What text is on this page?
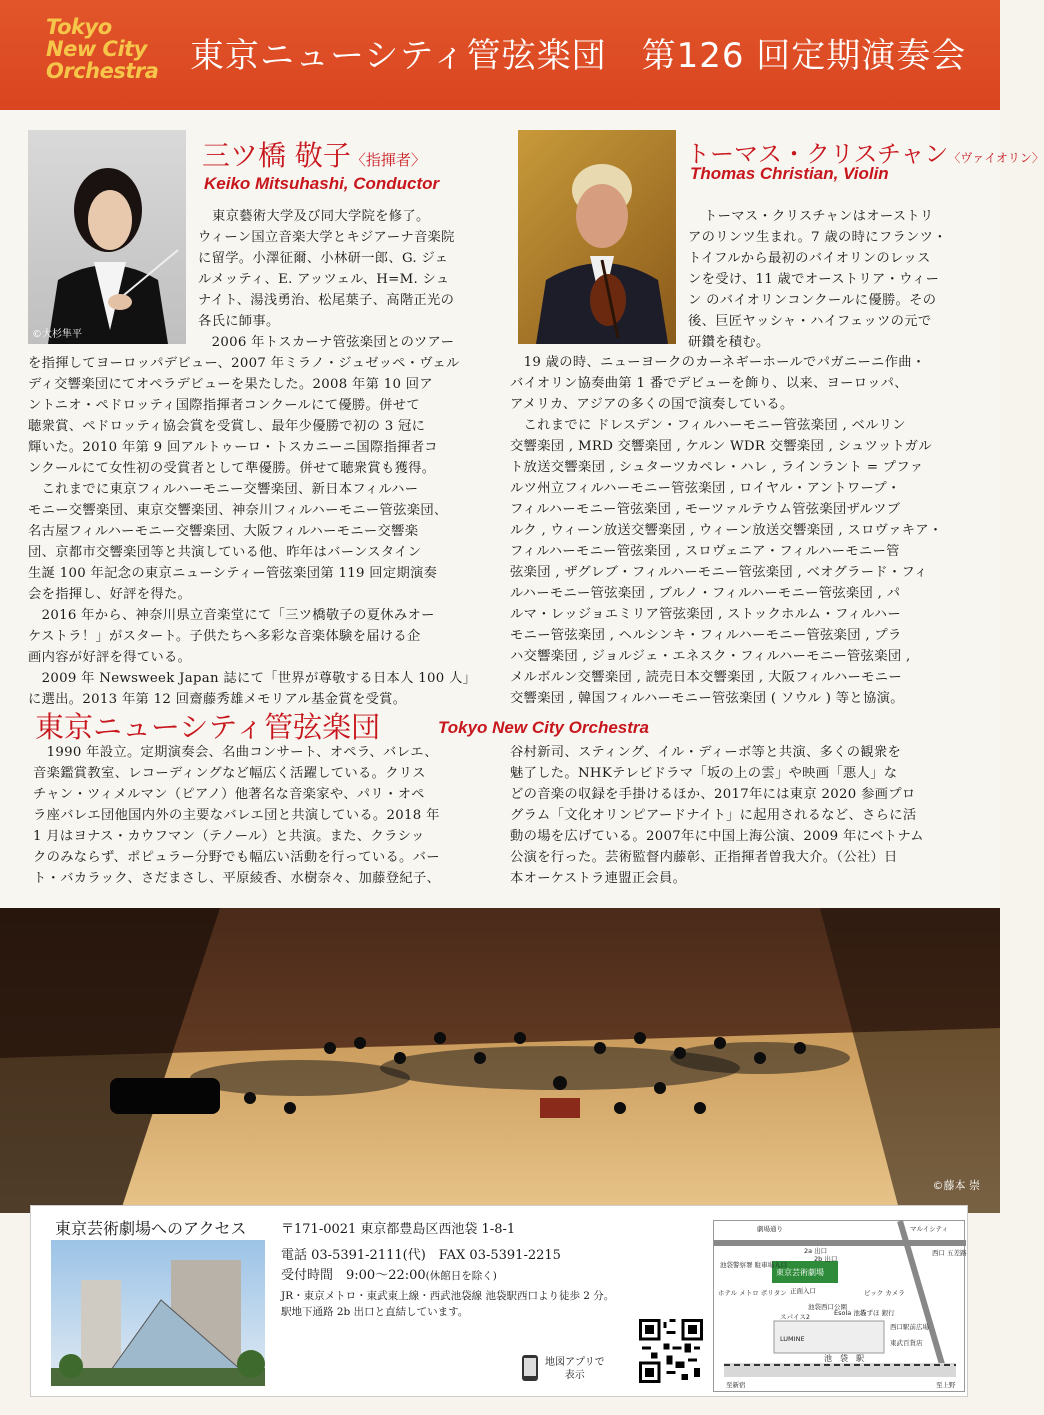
Tokyo
New City
Orchestra 東京ニューシティ管弦楽団　第126 回定期演奏会
©大杉隼平
三ツ橋 敬子〈指揮者〉
Keiko Mitsuhashi, Conductor
東京藝術大学及び同大学院を修了。
ウィーン国立音楽大学とキジアーナ音楽院
に留学。小澤征爾、小林研一郎、G. ジェ
ルメッティ、E. アッツェル、H=M. シュ
ナイト、湯浅勇治、松尾葉子、高階正光の
各氏に師事。
　2006 年トスカーナ管弦楽団とのツアー
を指揮してヨーロッパデビュー、2007 年ミラノ・ジュゼッペ・ヴェル
ディ交響楽団にてオペラデビューを果たした。2008 年第 10 回ア
ントニオ・ペドロッティ国際指揮者コンクールにて優勝。併せて
聴衆賞、ペドロッティ協会賞を受賞し、最年少優勝で初の 3 冠に
輝いた。2010 年第 9 回アルトゥーロ・トスカニーニ国際指揮者コ
ンクールにて女性初の受賞者として準優勝。併せて聴衆賞も獲得。
　これまでに東京フィルハーモニー交響楽団、新日本フィルハー
モニー交響楽団、東京交響楽団、神奈川フィルハーモニー管弦楽団、
名古屋フィルハーモニー交響楽団、大阪フィルハーモニー交響楽
団、京都市交響楽団等と共演している他、昨年はバーンスタイン
生誕 100 年記念の東京ニューシティー管弦楽団第 119 回定期演奏
会を指揮し、好評を得た。
　2016 年から、神奈川県立音楽堂にて「三ツ橋敬子の夏休みオー
ケストラ！」がスタート。子供たちへ多彩な音楽体験を届ける企
画内容が好評を得ている。
　2009 年 Newsweek Japan 誌にて「世界が尊敬する日本人 100 人」
に選出。2013 年第 12 回齋藤秀雄メモリアル基金賞を受賞。
トーマス・クリスチャン〈ヴァイオリン〉
Thomas Christian, Violin
トーマス・クリスチャンはオーストリ
アのリンツ生まれ。7 歳の時にフランツ・
トイフルから最初のバイオリンのレッス
ンを受け、11 歳でオーストリア・ウィー
ン のバイオリンコンクールに優勝。その
後、巨匠ヤッシャ・ハイフェッツの元で
研鑽を積む。
　19 歳の時、ニューヨークのカーネギーホールでパガニーニ作曲・
バイオリン協奏曲第 1 番でデビューを飾り、以来、ヨーロッパ、
アメリカ、アジアの多くの国で演奏している。
　これまでに ドレスデン・フィルハーモニー管弦楽団 , ベルリン
交響楽団 , MRD 交響楽団 , ケルン WDR 交響楽団 , シュツットガル
ト放送交響楽団 , シュターツカペレ・ハレ , ラインラント = プファ
ルツ州立フィルハーモニー管弦楽団 , ロイヤル・アントワープ・
フィルハーモニー管弦楽団 , モーツァルテウム管弦楽団ザルツブ
ルク , ウィーン放送交響楽団 , ウィーン放送交響楽団 , スロヴァキア・
フィルハーモニー管弦楽団 , スロヴェニア・フィルハーモニー管
弦楽団 , ザグレブ・フィルハーモニー管弦楽団 , ベオグラード・フィ
ルハーモニー管弦楽団 , ブルノ・フィルハーモニー管弦楽団 , パ
ルマ・レッジョエミリア管弦楽団 , ストックホルム・フィルハー
モニー管弦楽団 , ヘルシンキ・フィルハーモニー管弦楽団 , プラ
ハ交響楽団 , ジョルジェ・エネスク・フィルハーモニー管弦楽団 ,
メルボルン交響楽団 , 読売日本交響楽団 , 大阪フィルハーモニー
交響楽団 , 韓国フィルハーモニー管弦楽団 ( ソウル ) 等と協演。
東京ニューシティ管弦楽団	Tokyo New City Orchestra
　1990 年設立。定期演奏会、名曲コンサート、オペラ、バレエ、
音楽鑑賞教室、レコーディングなど幅広く活躍している。クリス
チャン・ツィメルマン（ピアノ）他著名な音楽家や、パリ・オペ
ラ座バレエ団他国内外の主要なバレエ団と共演している。2018 年
1 月はヨナス・カウフマン（テノール）と共演。また、クラシッ
クのみならず、ポピュラー分野でも幅広い活動を行っている。バー
ト・バカラック、さだまさし、平原綾香、水樹奈々、加藤登紀子、
谷村新司、スティング、イル・ディーボ等と共演、多くの観衆を
魅了した。NHKテレビドラマ「坂の上の雲」や映画「悪人」な
どの音楽の収録を手掛けるほか、2017年には東京 2020 参画プロ
グラム「文化オリンピアードナイト」に起用されるなど、さらに活
動の場を広げている。2007年に中国上海公演、2009 年にベトナム
公演を行った。芸術監督内藤彰、正指揮者曽我大介。（公社）日
本オーケストラ連盟正会員。
©藤本 崇
東京芸術劇場へのアクセス	〒171-0021 東京都豊島区西池袋 1-8-1
電話 03-5391-2111(代)　FAX 03-5391-2215
受付時間　9:00～22:00(休館日を除く)
JR・東京メトロ・東武東上線・西武池袋線 池袋駅西口より徒歩 2 分。
駅地下通路 2b 出口と直結しています。
地図アプリで
表示
劇場通り	マルイシティ
2a 出口
2b 出口
池袋警察署 駐車場入口
東京芸術劇場
正面入口
西口 五差路
ホテル メトロ ポリタン	ビック カメラ
池袋西口公園
スパイス2	Esola 池袋
みずほ 銀行
西口駅前広場
東武百貨店
LUMINE
池　袋　駅
至新宿	至上野
